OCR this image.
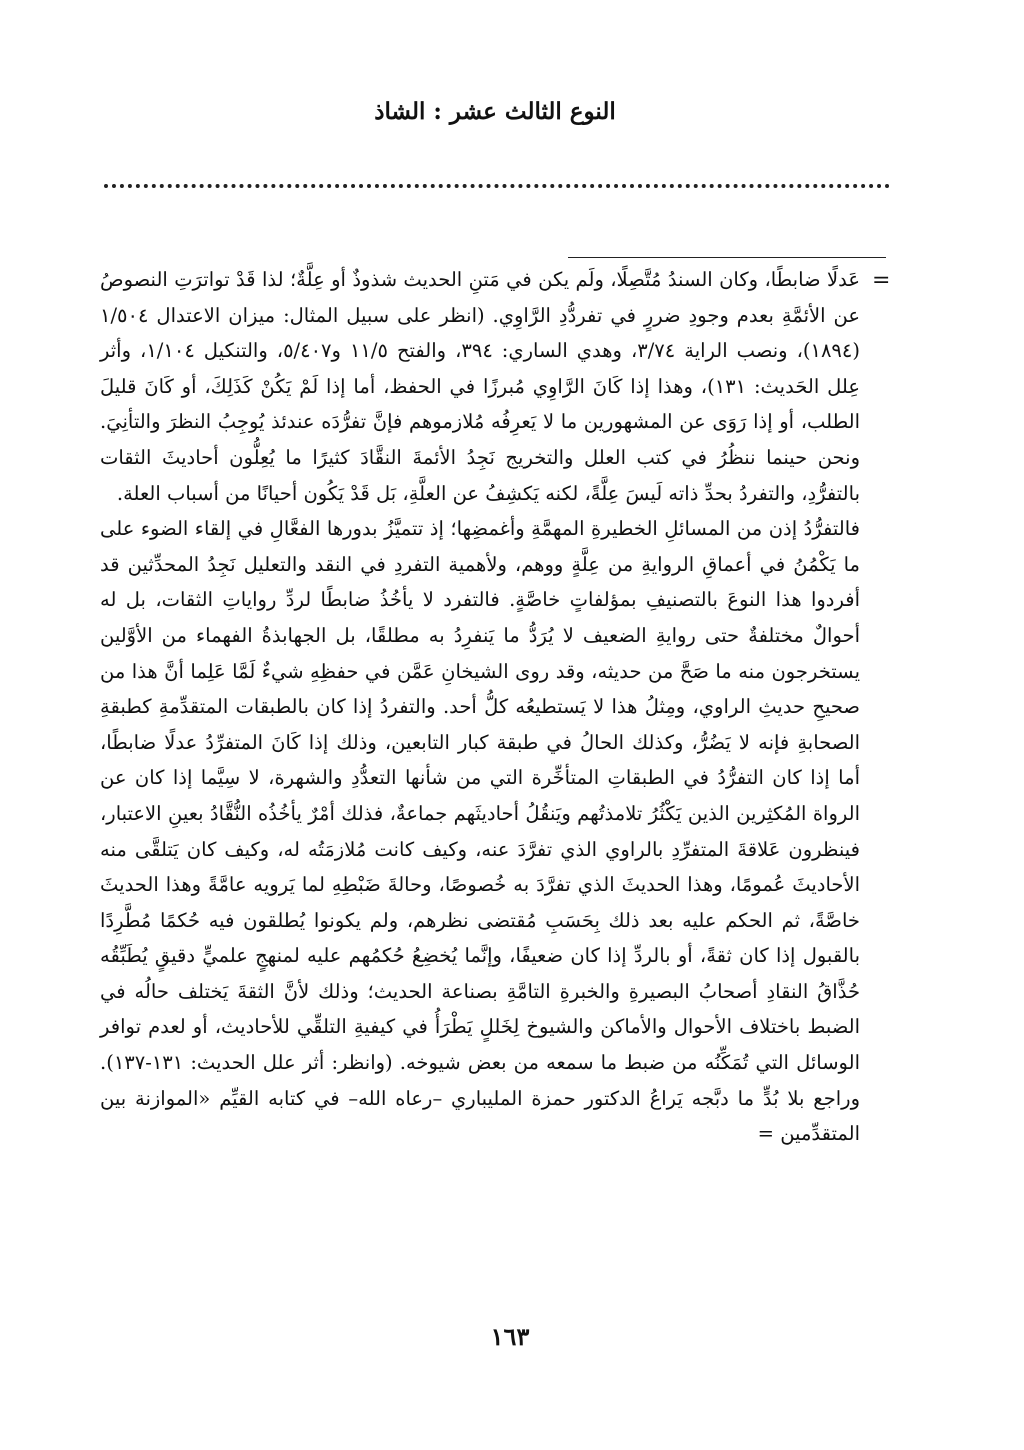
النوع الثالث عشر : الشاذ
=

عَدلًا ضابطًا، وكان السندُ مُتَّصِلًا، ولَم يكن في مَتنِ الحديث شذوذٌ أو عِلَّةٌ؛ لذا قَدْ تواترَتِ النصوصُ عن الأئمَّةِ بعدم وجودِ ضررٍ في تفردُّدِ الرَّاوِي. (انظر على سبيل المثال: ميزان الاعتدال ١/٥٠٤ (١٨٩٤)، ونصب الراية ٣/٧٤، وهدي الساري: ٣٩٤، والفتح ١١/٥ و٥/٤٠٧، والتنكيل ١/١٠٤، وأثر عِلل الحَديث: ١٣١)، وهذا إذا كَانَ الرَّاوِي مُبرزًا في الحفظ، أما إذا لَمْ يَكُنْ كَذَلِكَ، أو كَانَ قليلَ الطلب، أو إذا رَوَى عن المشهورين ما لا يَعرِفُه مُلازموهم فإنَّ تفرُّدَه عندئذ يُوجِبُ النظرَ والتأنِيَ. ونحن حينما ننظُرُ في كتب العلل والتخريج نَجِدُ الأئمةَ النقَّادَ كثيرًا ما يُعِلُّون أحاديثَ الثقات بالتفرُّدِ، والتفردُ بحدِّ ذاته لَيسَ عِلَّةً، لكنه يَكشِفُ عن العلَّةِ، بَل قَدْ يَكُون أحيانًا من أسباب العلة.

فالتفرُّدُ إذن من المسائلِ الخطيرةِ المهمَّةِ وأغمضِها؛ إذ تتميَّزُ بدورها الفعَّالِ في إلقاء الضوء على ما يَكْمُنُ في أعماقِ الروايةِ من عِلَّةٍ ووهم، ولأهمية التفردِ في النقد والتعليل نَجِدُ المحدِّثين قد أفردوا هذا النوعَ بالتصنيفِ بمؤلفاتٍ خاصَّةٍ. فالتفرد لا يأخُذُ ضابطًا لردِّ رواياتِ الثقات، بل له أحوالٌ مختلفةٌ حتى روايةِ الضعيف لا يُرَدُّ ما يَنفرِدُ به مطلقًا، بل الجهابذةُ الفهماء من الأوَّلين يستخرجون منه ما صَحَّ من حديثه، وقد روى الشيخانِ عَمَّن في حفظِهِ شيءٌ لَمَّا عَلِما أنَّ هذا من صحيحِ حديثِ الراوي، ومِثلُ هذا لا يَستطيعُه كلُّ أحد. والتفردُ إذا كان بالطبقات المتقدِّمةِ كطبقةِ الصحابةِ فإنه لا يَضُرُّ، وكذلك الحالُ في طبقة كبار التابعين، وذلك إذا كَانَ المتفرِّدُ عدلًا ضابطًا، أما إذا كان التفرُّدُ في الطبقاتِ المتأخِّرة التي من شأنها التعدُّدِ والشهرة، لا سِيَّما إذا كان عن الرواة المُكثِرين الذين يَكْثُرُ تلامذتُهم ويَنقُلُ أحاديثَهم جماعةٌ، فذلك أمْرٌ يأخُذُه النُّقَّادُ بعينِ الاعتبار، فينظرون عَلاقةَ المتفرِّدِ بالراوي الذي تفرَّدَ عنه، وكيف كانت مُلازمَتُه له، وكيف كان يَتلقَّى منه الأحاديثَ عُمومًا، وهذا الحديثَ الذي تفرَّدَ به خُصوصًا، وحالةَ ضَبْطِهِ لما يَرويه عامَّةً وهذا الحديثَ خاصَّةً، ثم الحكم عليه بعد ذلك بِحَسَبِ مُقتضى نظرهم، ولم يكونوا يُطلقون فيه حُكمًا مُطَّرِدًا بالقبول إذا كان ثقةً، أو بالردِّ إذا كان ضعيفًا، وإنَّما يُخضِعُ حُكمُهم عليه لمنهجٍ علميٍّ دقيقٍ يُطَبِّقُه حُذَّاقُ النقادِ أصحابُ البصيرةِ والخبرةِ التامَّةِ بصناعة الحديث؛ وذلك لأنَّ الثقةَ يَختلف حالُه في الضبط باختلاف الأحوال والأماكن والشيوخ لِخَللٍ يَطْرَأُ في كيفيةِ التلقِّي للأحاديث، أو لعدم توافر الوسائل التي تُمَكِّنُه من ضبط ما سمعه من بعض شيوخه. (وانظر: أثر علل الحديث: ١٣١-١٣٧). وراجع بلا بُدٍّ ما دبَّجه يَراعُ الدكتور حمزة المليباري –رعاه الله– في كتابه القيِّم «الموازنة بين المتقدِّمين =

١٦٣
